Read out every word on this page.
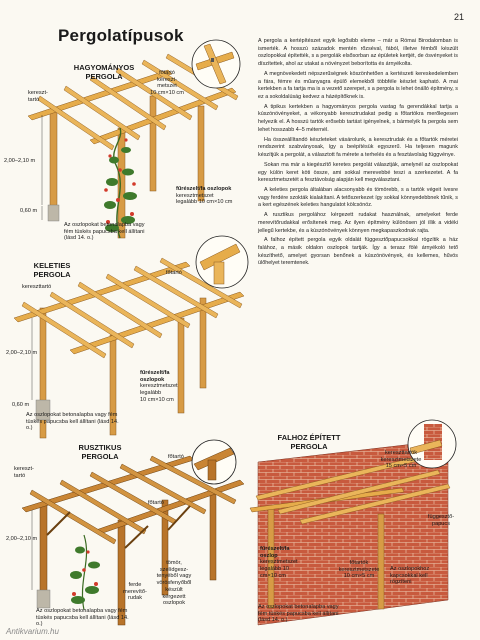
21
Pergolatípusok
HAGYOMÁNYOS
PERGOLA
KELETIES
PERGOLA
RUSZTIKUS
PERGOLA
FALHOZ ÉPÍTETT
PERGOLA
kereszttartó
főtartó
keresztmetszet
10 cm×10 cm
2,00–2,10 m
0,60 m
fűrészelt/fa oszlopok
keresztmetszet
legalább 10 cm×10 cm
Az oszlopokat betonalapba vagy fém tüskés papucsba kell állítani (lásd 14. o.)
kereszttartó
főtartó
2,00–2,10 m
0,60 m
fűrészelt/fa oszlopok
keresztmetszet legalább
10 cm×10 cm
Az oszlopokat betonalapba vagy fém tüskés papucsba kell állítani (lásd 14. o.)
kereszttartó
főtartó
főtartó
2,00–2,10 m
ferde merevítőrudak
tömör, szelídgesztenyéből vagy vörösfenyőből készült kérgezett oszlopok
Az oszlopokat betonalapba vagy fém tüskés papucsba kell állítani (lásd 14. o.)
kereszttartók
keresztmetszete
15 cm×5 cm
függesztőpapucs
fűrészelt/fa oszlop
keresztmetszet legalább 10 cm×10 cm
főtartók
keresztmetszete
10 cm×5 cm
Az oszlopokhoz kapcsokkal kell rögzíteni
Az oszlopokat betonalapba vagy fém tüskés papucsba kell állítani (lásd 14. o.)

A pergola a kertépítészet egyik legősibb eleme – már a Római Birodalomban is ismerték. A hosszú századok mentén rőzséval, fából, illetve fémből készült oszlopokkal építették, s a pergolák elsősorban az épületek kertjét, de ösvényeket is díszítettek, ahol az utakat a növényzet beborította és árnyékolta.

A megnövekedett népszerűségnek köszönhetően a kertészeti kereskedelemben a fára, fémre és műanyagra épülő elemekből többféle készlet kapható. A mai kertekben a fa tartja ma is a vezető szerepet, s a pergola is lehet önálló építmény, s ez a sokoldalúság kedvez a házépítőknek is.

A tipikus kertekben a hagyományos pergola vastag fa gerendákkal tartja a kúszónövényeket, a vékonyabb keresztrudakat pedig a főtartókra merőlegesen helyezik el. A hosszú tartók erősebb tartást igényelnek, s bármelyik fa pergola sem lehet hosszabb 4–5 méternél.

Ha összeállítandó készleteket vásárolunk, a keresztrudak és a főtartók méretei rendszerint szabványosak, így a beépítésük egyszerű. Ha teljesen magunk készítjük a pergolát, a választott fa mérete a terhelés és a fesztávolság függvénye.

Sokan ma már a kiegészítő keretes pergolát választják, amelynél az oszlopokat egy külön keret köti össze, ami sokkal merevebbé teszi a szerkezetet. A fa keresztmetszetét a fesztávolság alapján kell megválasztani.

A keleties pergola általában alacsonyabb és tömörebb, s a tartók végeit ívesre vagy ferdére szokták kialakítani. A tetőszerkezet így sokkal könnyedebbnek tűnik, s a kert egészének keleties hangulatot kölcsönöz.

A rusztikus pergolához kérgezett rudakat használnak, amelyeket ferde merevítőrudakkal erősítenek meg. Az ilyen építmény különösen jól illik a vidéki jellegű kertekbe, és a kúszónövények könnyen megkapaszkodnak rajta.

A falhoz épített pergola egyik oldalát függesztőpapucsokkal rögzítik a ház falához, a másik oldalon oszlopok tartják. Így a terasz fölé árnyékoló tető készíthető, amelyet gyorsan benőnek a kúszónövények, és kellemes, hűvös ülőhelyet teremtenek.

Antikvarium.hu
